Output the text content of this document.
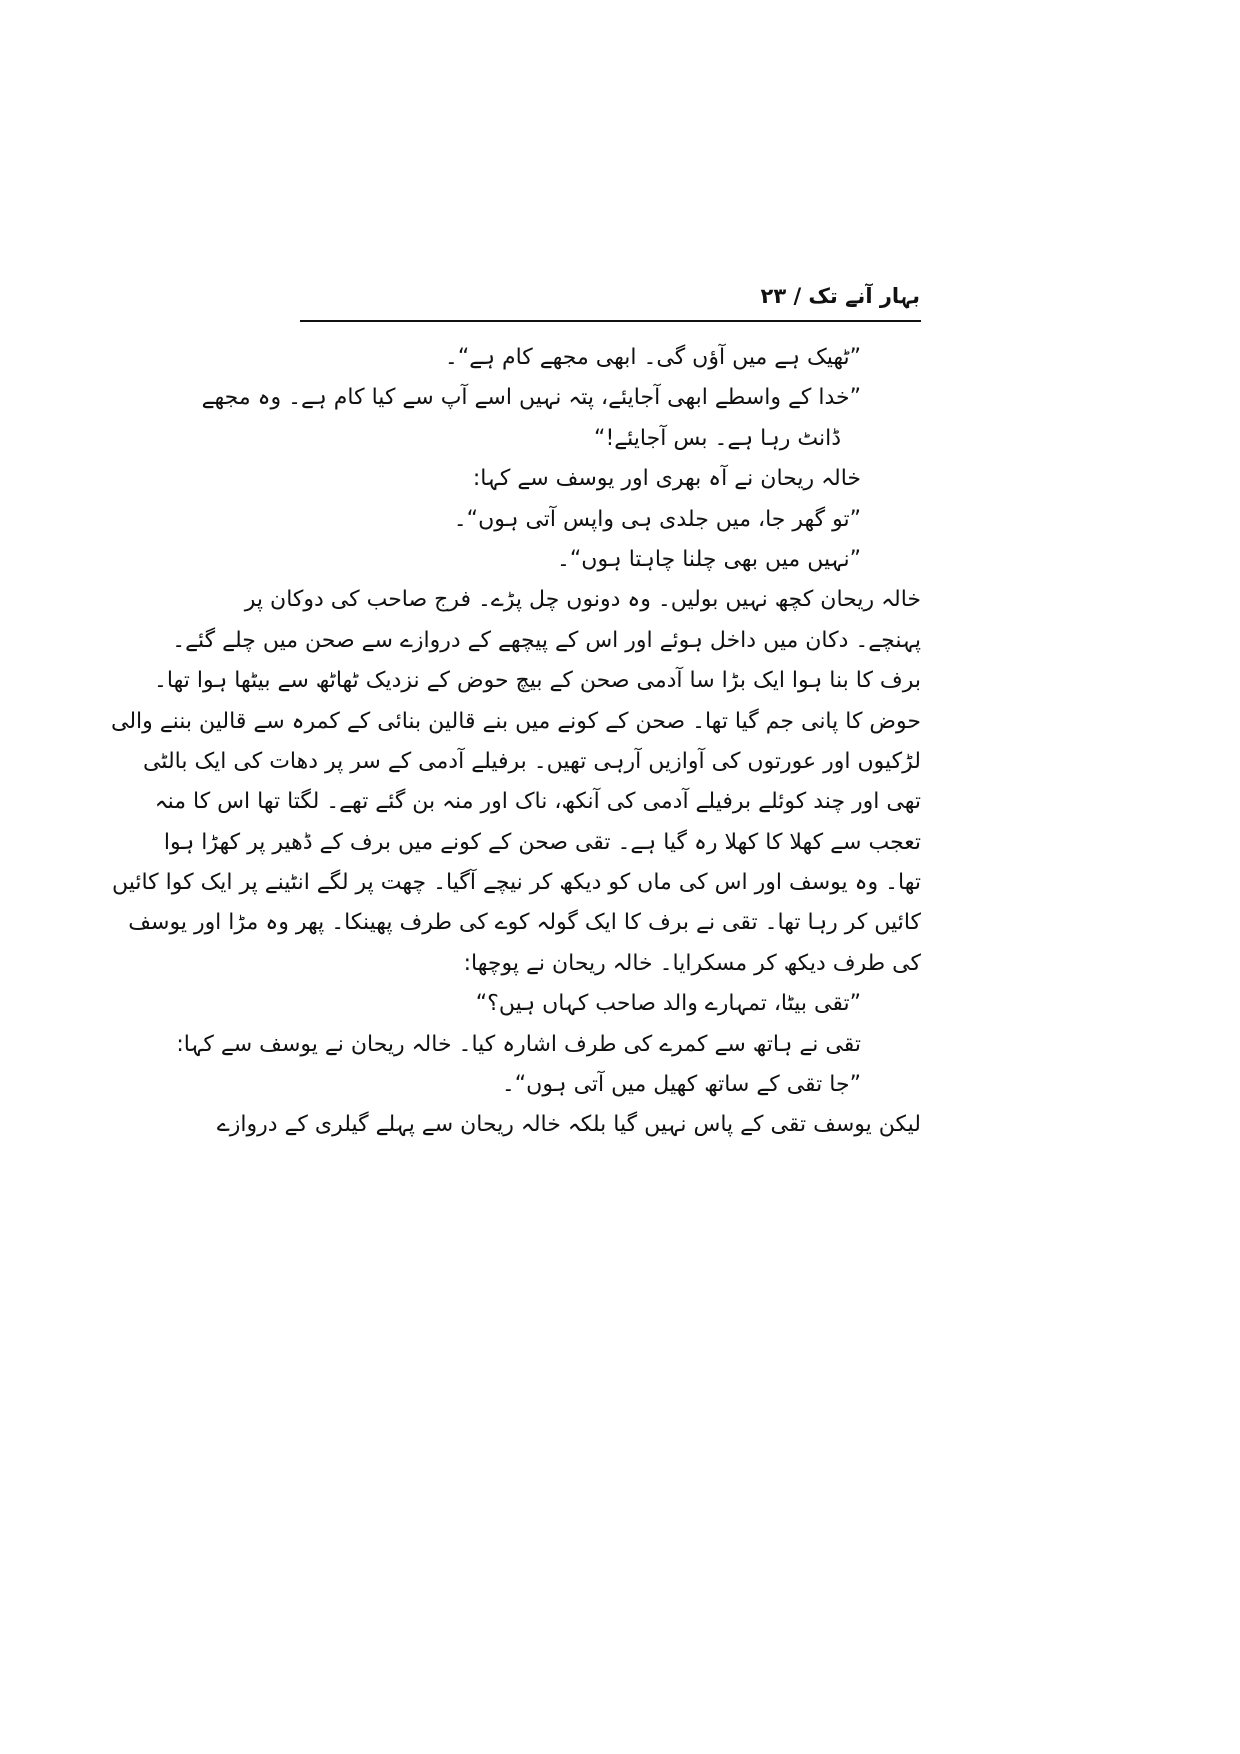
بہار آنے تک / ۲۳
”ٹھیک ہے میں آؤں گی۔ ابھی مجھے کام ہے“۔
”خدا کے واسطے ابھی آجایئے، پتہ نہیں اسے آپ سے کیا کام ہے۔ وہ مجھے
ڈانٹ رہا ہے۔ بس آجایئے!“
خالہ ریحان نے آہ بھری اور یوسف سے کہا:
”تو گھر جا، میں جلدی ہی واپس آتی ہوں“۔
”نہیں میں بھی چلنا چاہتا ہوں“۔
خالہ ریحان کچھ نہیں بولیں۔ وہ دونوں چل پڑے۔ فرج صاحب کی دوکان پر
پہنچے۔ دکان میں داخل ہوئے اور اس کے پیچھے کے دروازے سے صحن میں چلے گئے۔
برف کا بنا ہوا ایک بڑا سا آدمی صحن کے بیچ حوض کے نزدیک ٹھاٹھ سے بیٹھا ہوا تھا۔
حوض کا پانی جم گیا تھا۔ صحن کے کونے میں بنے قالین بنائی کے کمرہ سے قالین بننے والی
لڑکیوں اور عورتوں کی آوازیں آرہی تھیں۔ برفیلے آدمی کے سر پر دھات کی ایک بالٹی
تھی اور چند کوئلے برفیلے آدمی کی آنکھ، ناک اور منہ بن گئے تھے۔ لگتا تھا اس کا منہ
تعجب سے کھلا کا کھلا رہ گیا ہے۔ تقی صحن کے کونے میں برف کے ڈھیر پر کھڑا ہوا
تھا۔ وہ یوسف اور اس کی ماں کو دیکھ کر نیچے آگیا۔ چھت پر لگے انٹینے پر ایک کوا کائیں
کائیں کر رہا تھا۔ تقی نے برف کا ایک گولہ کوے کی طرف پھینکا۔ پھر وہ مڑا اور یوسف
کی طرف دیکھ کر مسکرایا۔ خالہ ریحان نے پوچھا:
”تقی بیٹا، تمہارے والد صاحب کہاں ہیں؟“
تقی نے ہاتھ سے کمرے کی طرف اشارہ کیا۔ خالہ ریحان نے یوسف سے کہا:
”جا تقی کے ساتھ کھیل میں آتی ہوں“۔
لیکن یوسف تقی کے پاس نہیں گیا بلکہ خالہ ریحان سے پہلے گیلری کے دروازے
